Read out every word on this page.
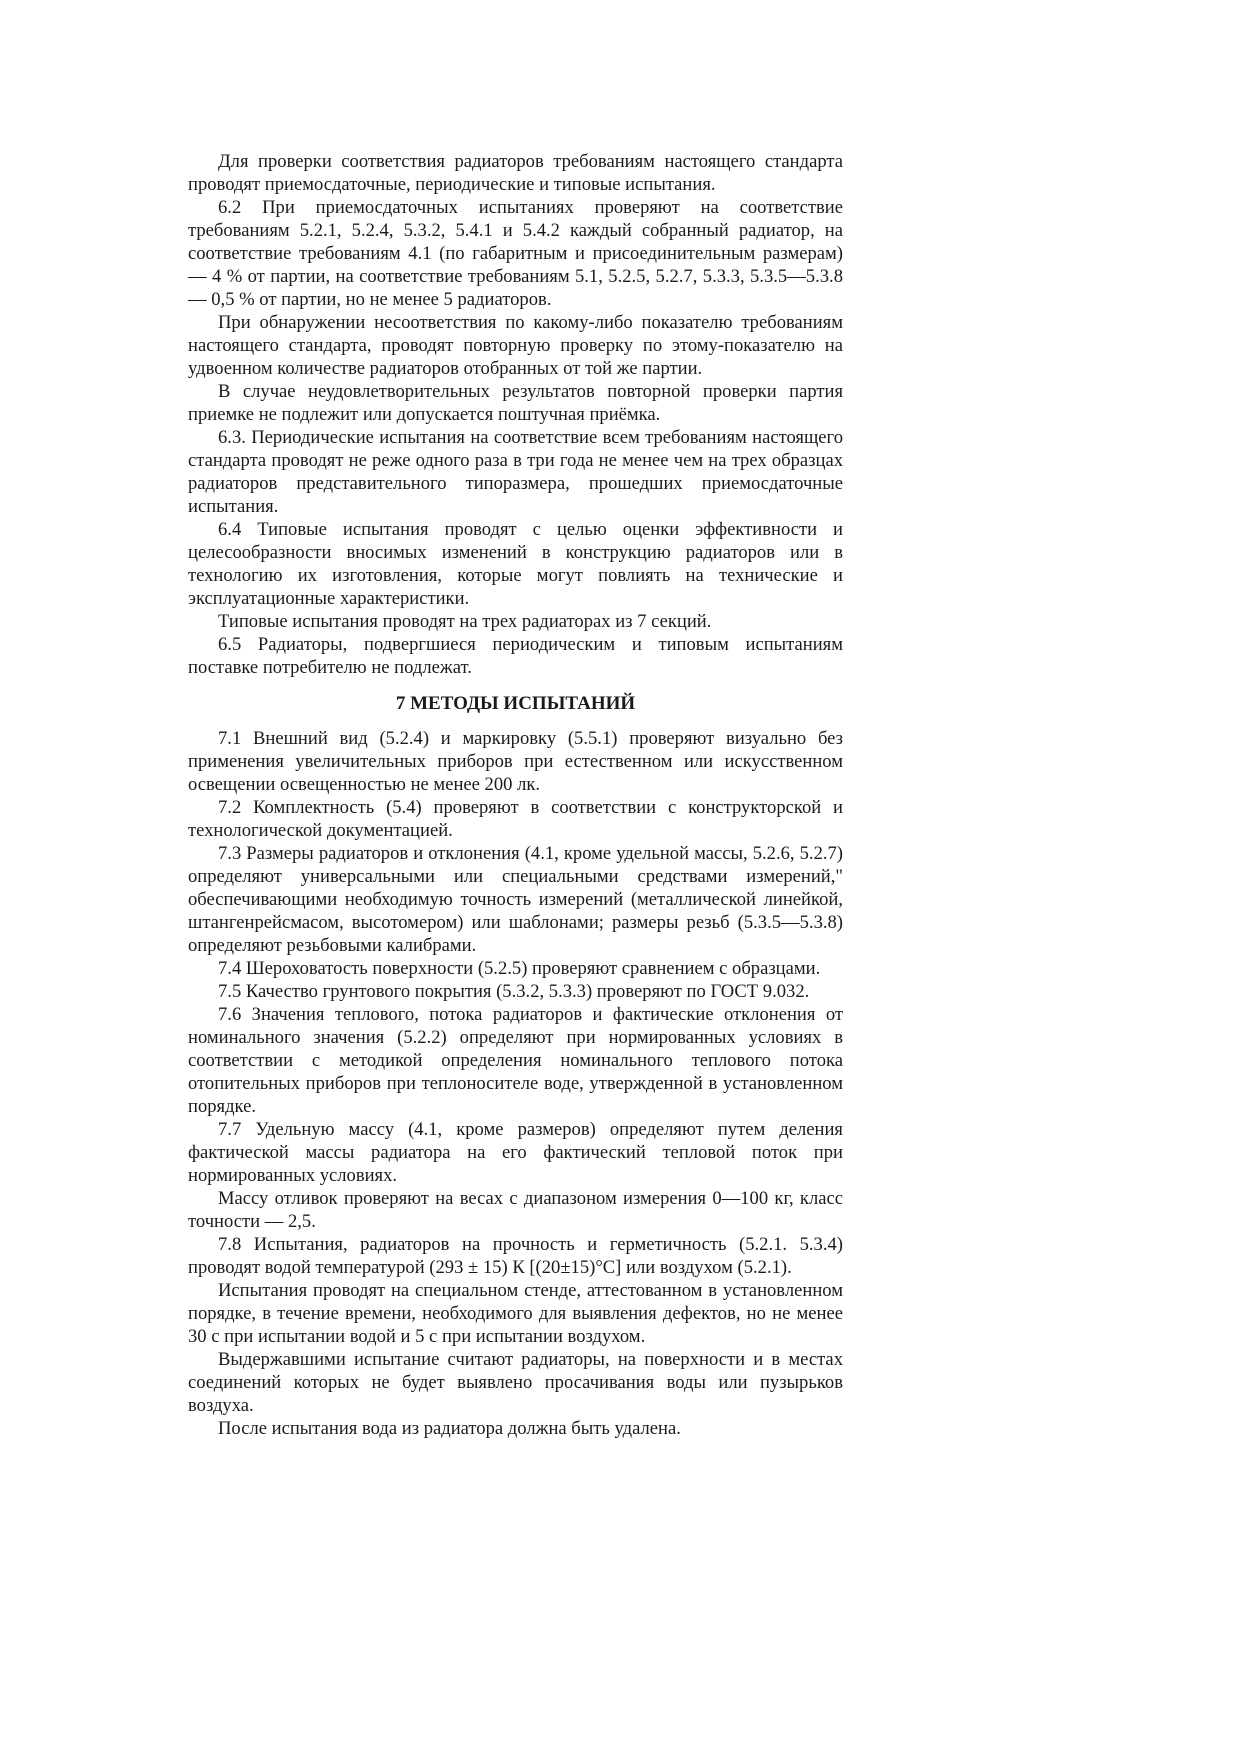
Для проверки соответствия радиаторов требованиям настоящего стандарта проводят приемосдаточные, периодические и типовые испытания.

6.2 При приемосдаточных испытаниях проверяют на соответствие требованиям 5.2.1, 5.2.4, 5.3.2, 5.4.1 и 5.4.2 каждый собранный радиатор, на соответствие требованиям 4.1 (по габаритным и присоединительным размерам) — 4 % от партии, на соответствие требованиям 5.1, 5.2.5, 5.2.7, 5.3.3, 5.3.5—5.3.8 — 0,5 % от партии, но не менее 5 радиаторов.

При обнаружении несоответствия по какому-либо показателю требованиям настоящего стандарта, проводят повторную проверку по этому-показателю на удвоенном количестве радиаторов отобранных от той же партии.

В случае неудовлетворительных результатов повторной проверки партия приемке не подлежит или допускается поштучная приёмка.

6.3. Периодические испытания на соответствие всем требованиям настоящего стандарта проводят не реже одного раза в три года не менее чем на трех образцах радиаторов представительного типоразмера, прошедших приемосдаточные испытания.

6.4 Типовые испытания проводят с целью оценки эффективности и целесообразности вносимых изменений в конструкцию радиаторов или в технологию их изготовления, которые могут повлиять на технические и эксплуатационные характеристики.

Типовые испытания проводят на трех радиаторах из 7 секций.

6.5 Радиаторы, подвергшиеся периодическим и типовым испытаниям поставке потребителю не подлежат.

7 МЕТОДЫ ИСПЫТАНИЙ

7.1 Внешний вид (5.2.4) и маркировку (5.5.1) проверяют визуально без применения увеличительных приборов при естественном или искусственном освещении освещенностью не менее 200 лк.

7.2 Комплектность (5.4) проверяют в соответствии с конструкторской и технологической документацией.

7.3 Размеры радиаторов и отклонения (4.1, кроме удельной массы, 5.2.6, 5.2.7) определяют универсальными или специальными средствами измерений," обеспечивающими необходимую точность измерений (металлической линейкой, штангенрейсмасом, высотомером) или шаблонами; размеры резьб (5.3.5—5.3.8) определяют резьбовыми калибрами.

7.4 Шероховатость поверхности (5.2.5) проверяют сравнением с образцами.

7.5 Качество грунтового покрытия (5.3.2, 5.3.3) проверяют по ГОСТ 9.032.

7.6 Значения теплового, потока радиаторов и фактические отклонения от номинального значения (5.2.2) определяют при нормированных условиях в соответствии с методикой определения номинального теплового потока отопительных приборов при теплоносителе воде, утвержденной в установленном порядке.

7.7 Удельную массу (4.1, кроме размеров) определяют путем деления фактической массы радиатора на его фактический тепловой поток при нормированных условиях.

Массу отливок проверяют на весах с диапазоном измерения 0—100 кг, класс точности — 2,5.

7.8 Испытания, радиаторов на прочность и герметичность (5.2.1. 5.3.4) проводят водой температурой (293 ± 15) К [(20±15)°С] или воздухом (5.2.1).

Испытания проводят на специальном стенде, аттестованном в установленном порядке, в течение времени, необходимого для выявления дефектов, но не менее 30 с при испытании водой и 5 с при испытании воздухом.

Выдержавшими испытание считают радиаторы, на поверхности и в местах соединений которых не будет выявлено просачивания воды или пузырьков воздуха.

После испытания вода из радиатора должна быть удалена.
